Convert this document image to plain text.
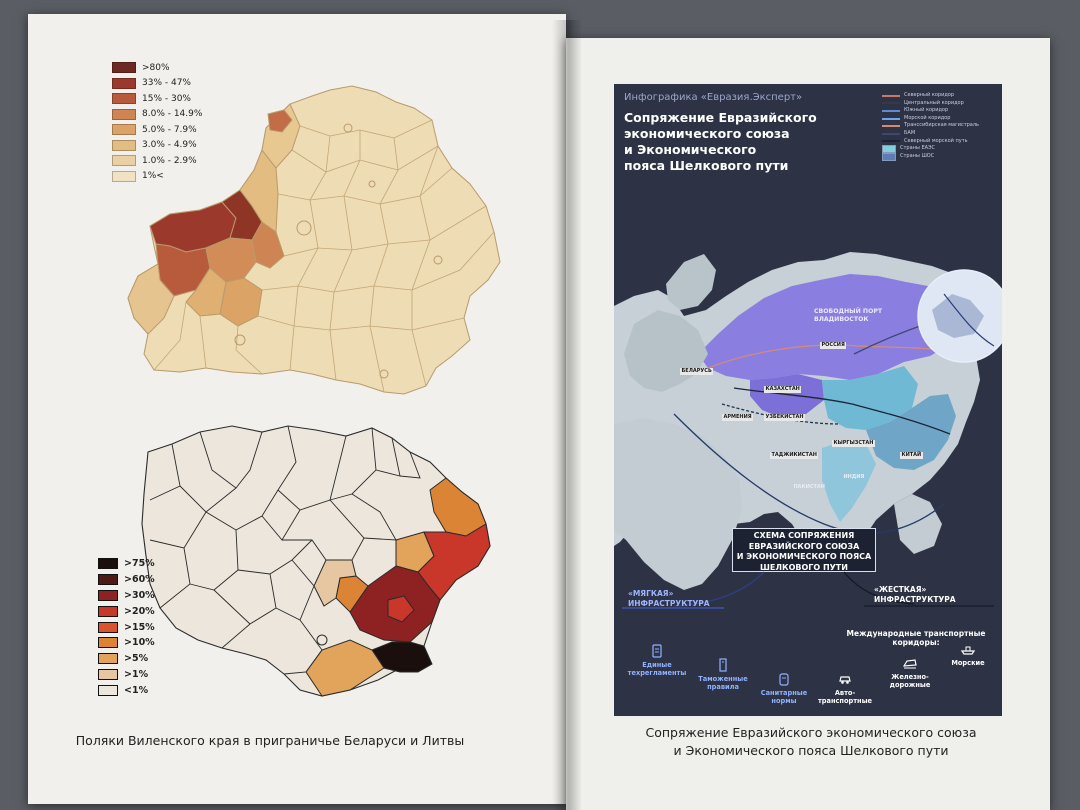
>80%
33% - 47%
15% - 30%
8.0% - 14.9%
5.0% - 7.9%
3.0% - 4.9%
1.0% - 2.9%
1%<
>75%
>60%
>30%
>20%
>15%
>10%
>5%
>1%
<1%
Поляки Виленского края в приграничье Беларуси и Литвы
Инфографика «Евразия.Эксперт»
Сопряжение Евразийского
экономического союза
и Экономического
пояса Шелкового пути
Северный коридор
Центральный коридор
Южный коридор
Морской коридор
Транссибирская магистраль
БАМ
Северный морской путь
Страны ЕАЭС
Страны ШОС
СВОБОДНЫЙ ПОРТ ВЛАДИВОСТОК
БЕЛАРУСЬ
РОССИЯ
КАЗАХСТАН
АРМЕНИЯ	УЗБЕКИСТАН
КЫРГЫЗСТАН
ТАДЖИКИСТАН	КИТАЙ
ИНДИЯ
ПАКИСТАН
СХЕМА СОПРЯЖЕНИЯ
ЕВРАЗИЙСКОГО СОЮЗА
И ЭКОНОМИЧЕСКОГО ПОЯСА
ШЕЛКОВОГО ПУТИ
«МЯГКАЯ»
ИНФРАСТРУКТУРА
«ЖЕСТКАЯ»
ИНФРАСТРУКТУРА
Международные транспортные
коридоры:
Единые
техрегламенты
Таможенные
правила
Санитарные
нормы
Авто-
транспортные
Железно-
дорожные
Морские
Сопряжение Евразийского экономического союза
и Экономического пояса Шелкового пути
